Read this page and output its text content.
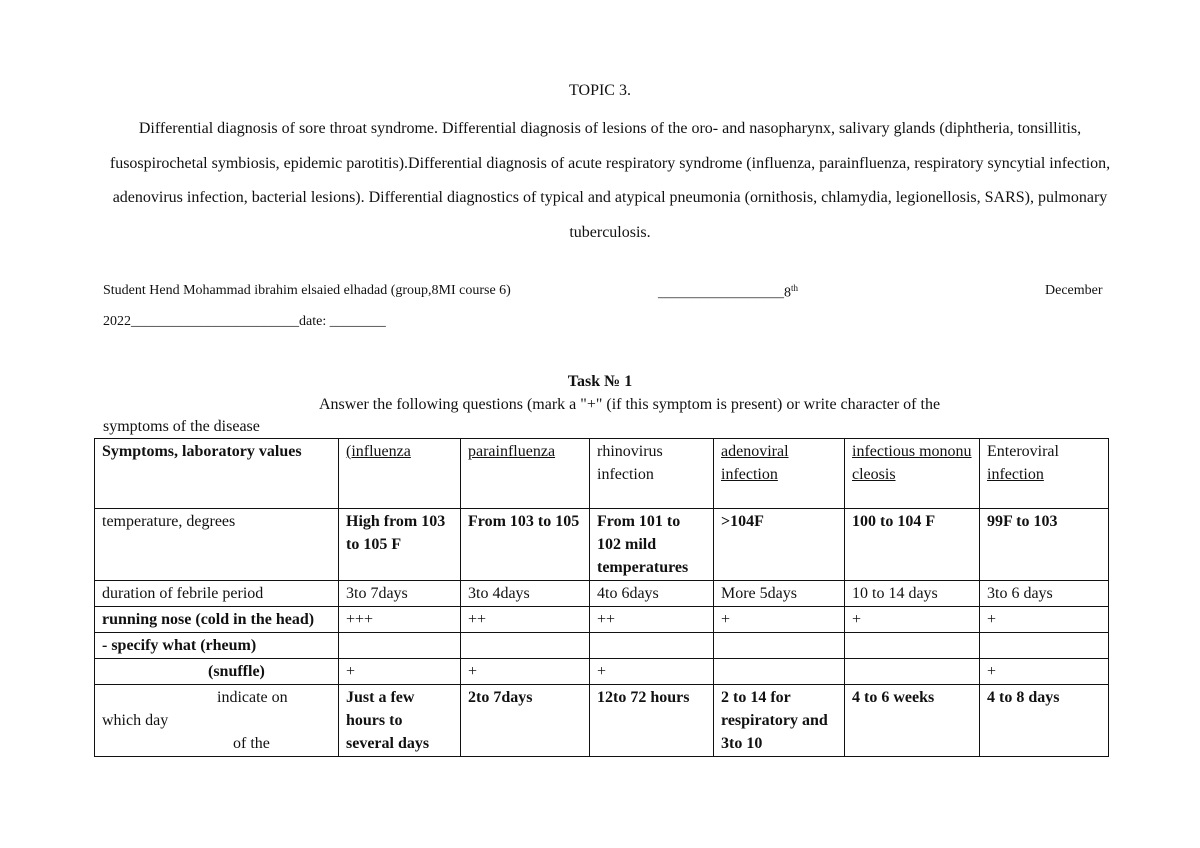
TOPIC 3.
Differential diagnosis of sore throat syndrome. Differential diagnosis of lesions of the oro- and nasopharynx, salivary glands (diphtheria, tonsillitis, fusospirochetal symbiosis, epidemic parotitis).Differential diagnosis of acute respiratory syndrome (influenza, parainfluenza, respiratory syncytial infection, adenovirus infection, bacterial lesions). Differential diagnostics of typical and atypical pneumonia (ornithosis, chlamydia, legionellosis, SARS), pulmonary tuberculosis.
Student Hend Mohammad ibrahim elsaied elhadad (group,8MI course 6)	__________________8th	December
2022________________________date: ________
Task № 1
Answer the following questions (mark a "+" (if this symptom is present) or write character of the
symptoms of the disease
Symptoms, laboratory values	(influenza	parainfluenza	rhinovirus infection	adenoviral infection	infectious mononucleosis	Enteroviral infection
temperature, degrees	High from 103 to 105 F	From 103 to 105	From 101 to 102 mild temperatures	>104F	100 to 104 F	99F to 103
duration of febrile period	3to 7days	3to 4days	4to 6days	More 5days	10 to 14 days	3to 6 days
running nose (cold in the head)	+++	++	++	+	+	+
- specify what (rheum)						
(snuffle)	+	+	+			+

indicate on
which day
of the	Just a few hours to several days	2to 7days	12to 72 hours	2 to 14 for respiratory and 3to 10	4 to 6 weeks	4 to 8 days
